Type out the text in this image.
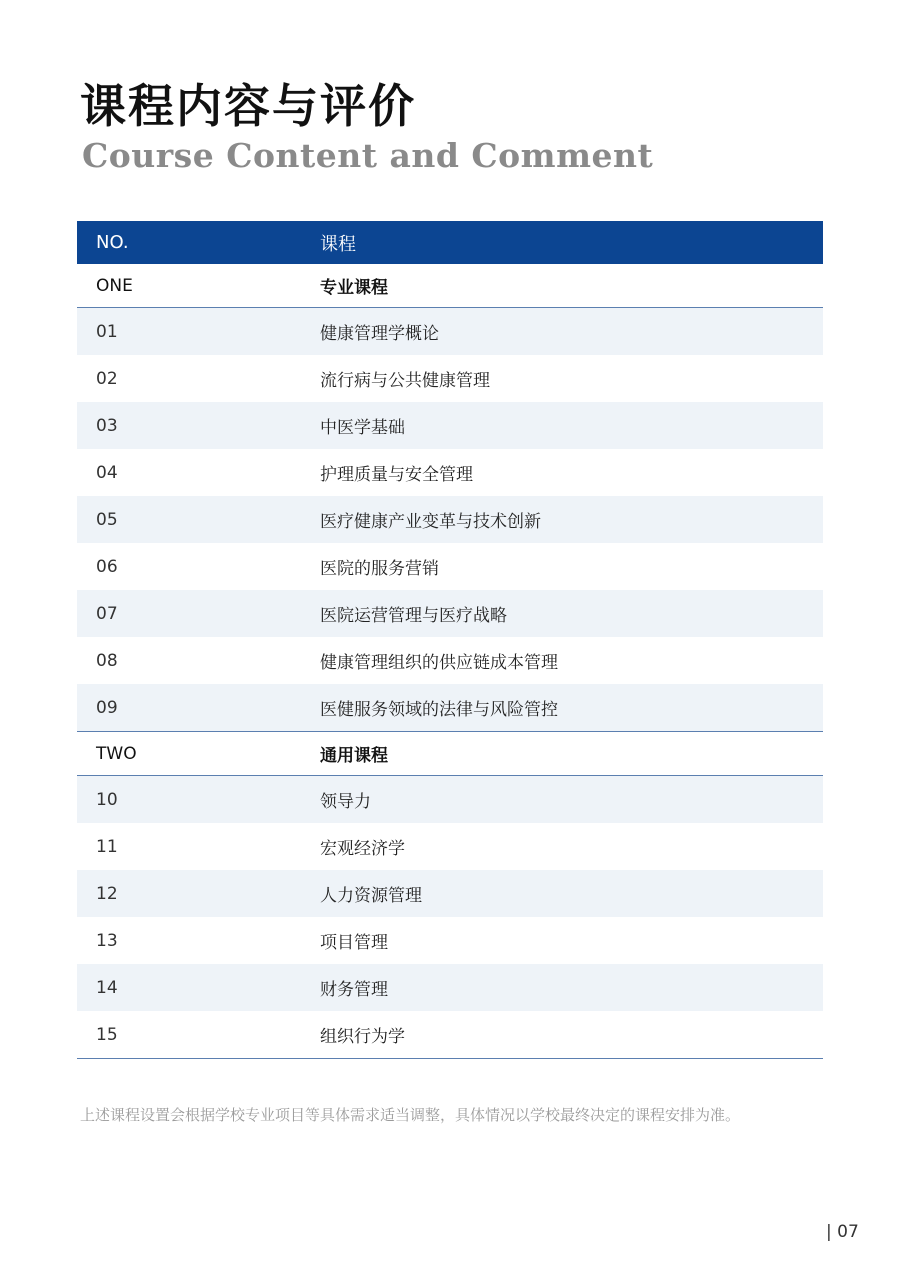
课程内容与评价
Course Content and Comment
NO.	课程
ONE	专业课程
01	健康管理学概论
02	流行病与公共健康管理
03	中医学基础
04	护理质量与安全管理
05	医疗健康产业变革与技术创新
06	医院的服务营销
07	医院运营管理与医疗战略
08	健康管理组织的供应链成本管理
09	医健服务领域的法律与风险管控
TWO	通用课程
10	领导力
11	宏观经济学
12	人力资源管理
13	项目管理
14	财务管理
15	组织行为学

上述课程设置会根据学校专业项目等具体需求适当调整，具体情况以学校最终决定的课程安排为准。

| 07
